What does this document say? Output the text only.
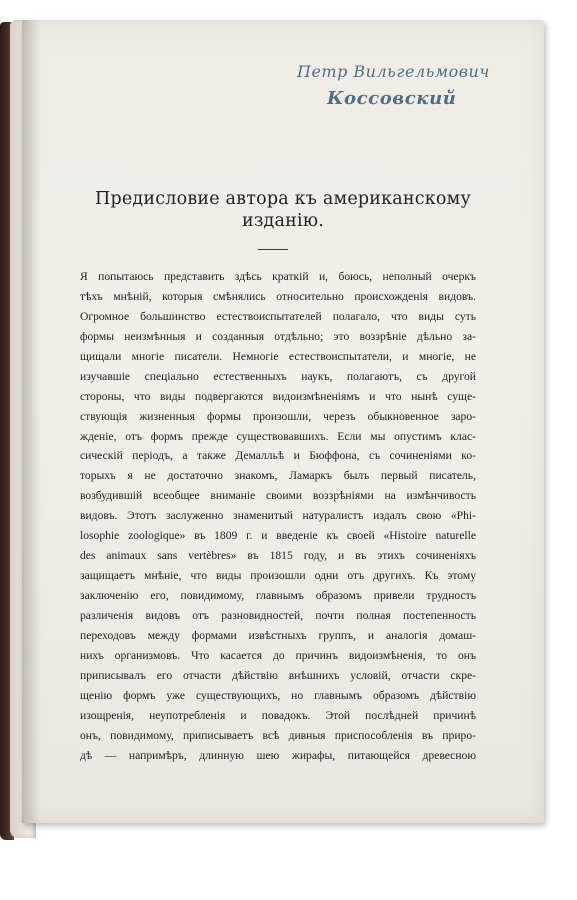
Петр Вильгельмович
Коссовский
Предисловие автора къ американскому
изданію.
Я попытаюсь представить здѣсь краткій и, боюсь, неполный очеркъ
тѣхъ мнѣній, которыя смѣнялись относительно происхожденія видовъ.
Огромное большинство естествоиспытателей полагало, что виды суть
формы неизмѣнныя и созданныя отдѣльно; это воззрѣніе дѣльно за-
щищали многіе писатели. Немногіе естествоиспытатели, и многіе, не
изучавшіе спеціально естественныхъ наукъ, полагаютъ, съ другой
стороны, что виды подвергаются видоизмѣненіямъ и что нынѣ суще-
ствующія жизненныя формы произошли, черезъ обыкновенное заро-
жденіе, отъ формъ прежде существовавшихъ. Если мы опустимъ клас-
сическій періодъ, а также Демалльѣ и Бюффона, съ сочиненіями ко-
торыхъ я не достаточно знакомъ, Ламаркъ былъ первый писатель,
возбудившій всеобщее вниманіе своими воззрѣніями на измѣнчивость
видовъ. Этотъ заслуженно знаменитый натуралистъ издалъ свою «Phi-
losophie zoologique» въ 1809 г. и введеніе къ своей «Histoire naturelle
des animaux sans vertèbres» въ 1815 году, и въ этихъ сочиненіяхъ
защищаетъ мнѣніе, что виды произошли одни отъ другихъ. Къ этому
заключенію его, повидимому, главнымъ образомъ привели трудность
различенія видовъ отъ разновидностей, почти полная постепенность
переходовъ между формами извѣстныхъ группъ, и аналогія домаш-
нихъ организмовъ. Что касается до причинъ видоизмѣненія, то онъ
приписывалъ его отчасти дѣйствію внѣшнихъ условій, отчасти скре-
щенію формъ уже существующихъ, но главнымъ образомъ дѣйствію
изощренія, неупотребленія и повадокъ. Этой послѣдней причинѣ
онъ, повидимому, приписываетъ всѣ дивныя приспособленія въ приро-
дѣ — напримѣръ, длинную шею жирафы, питающейся древесною
